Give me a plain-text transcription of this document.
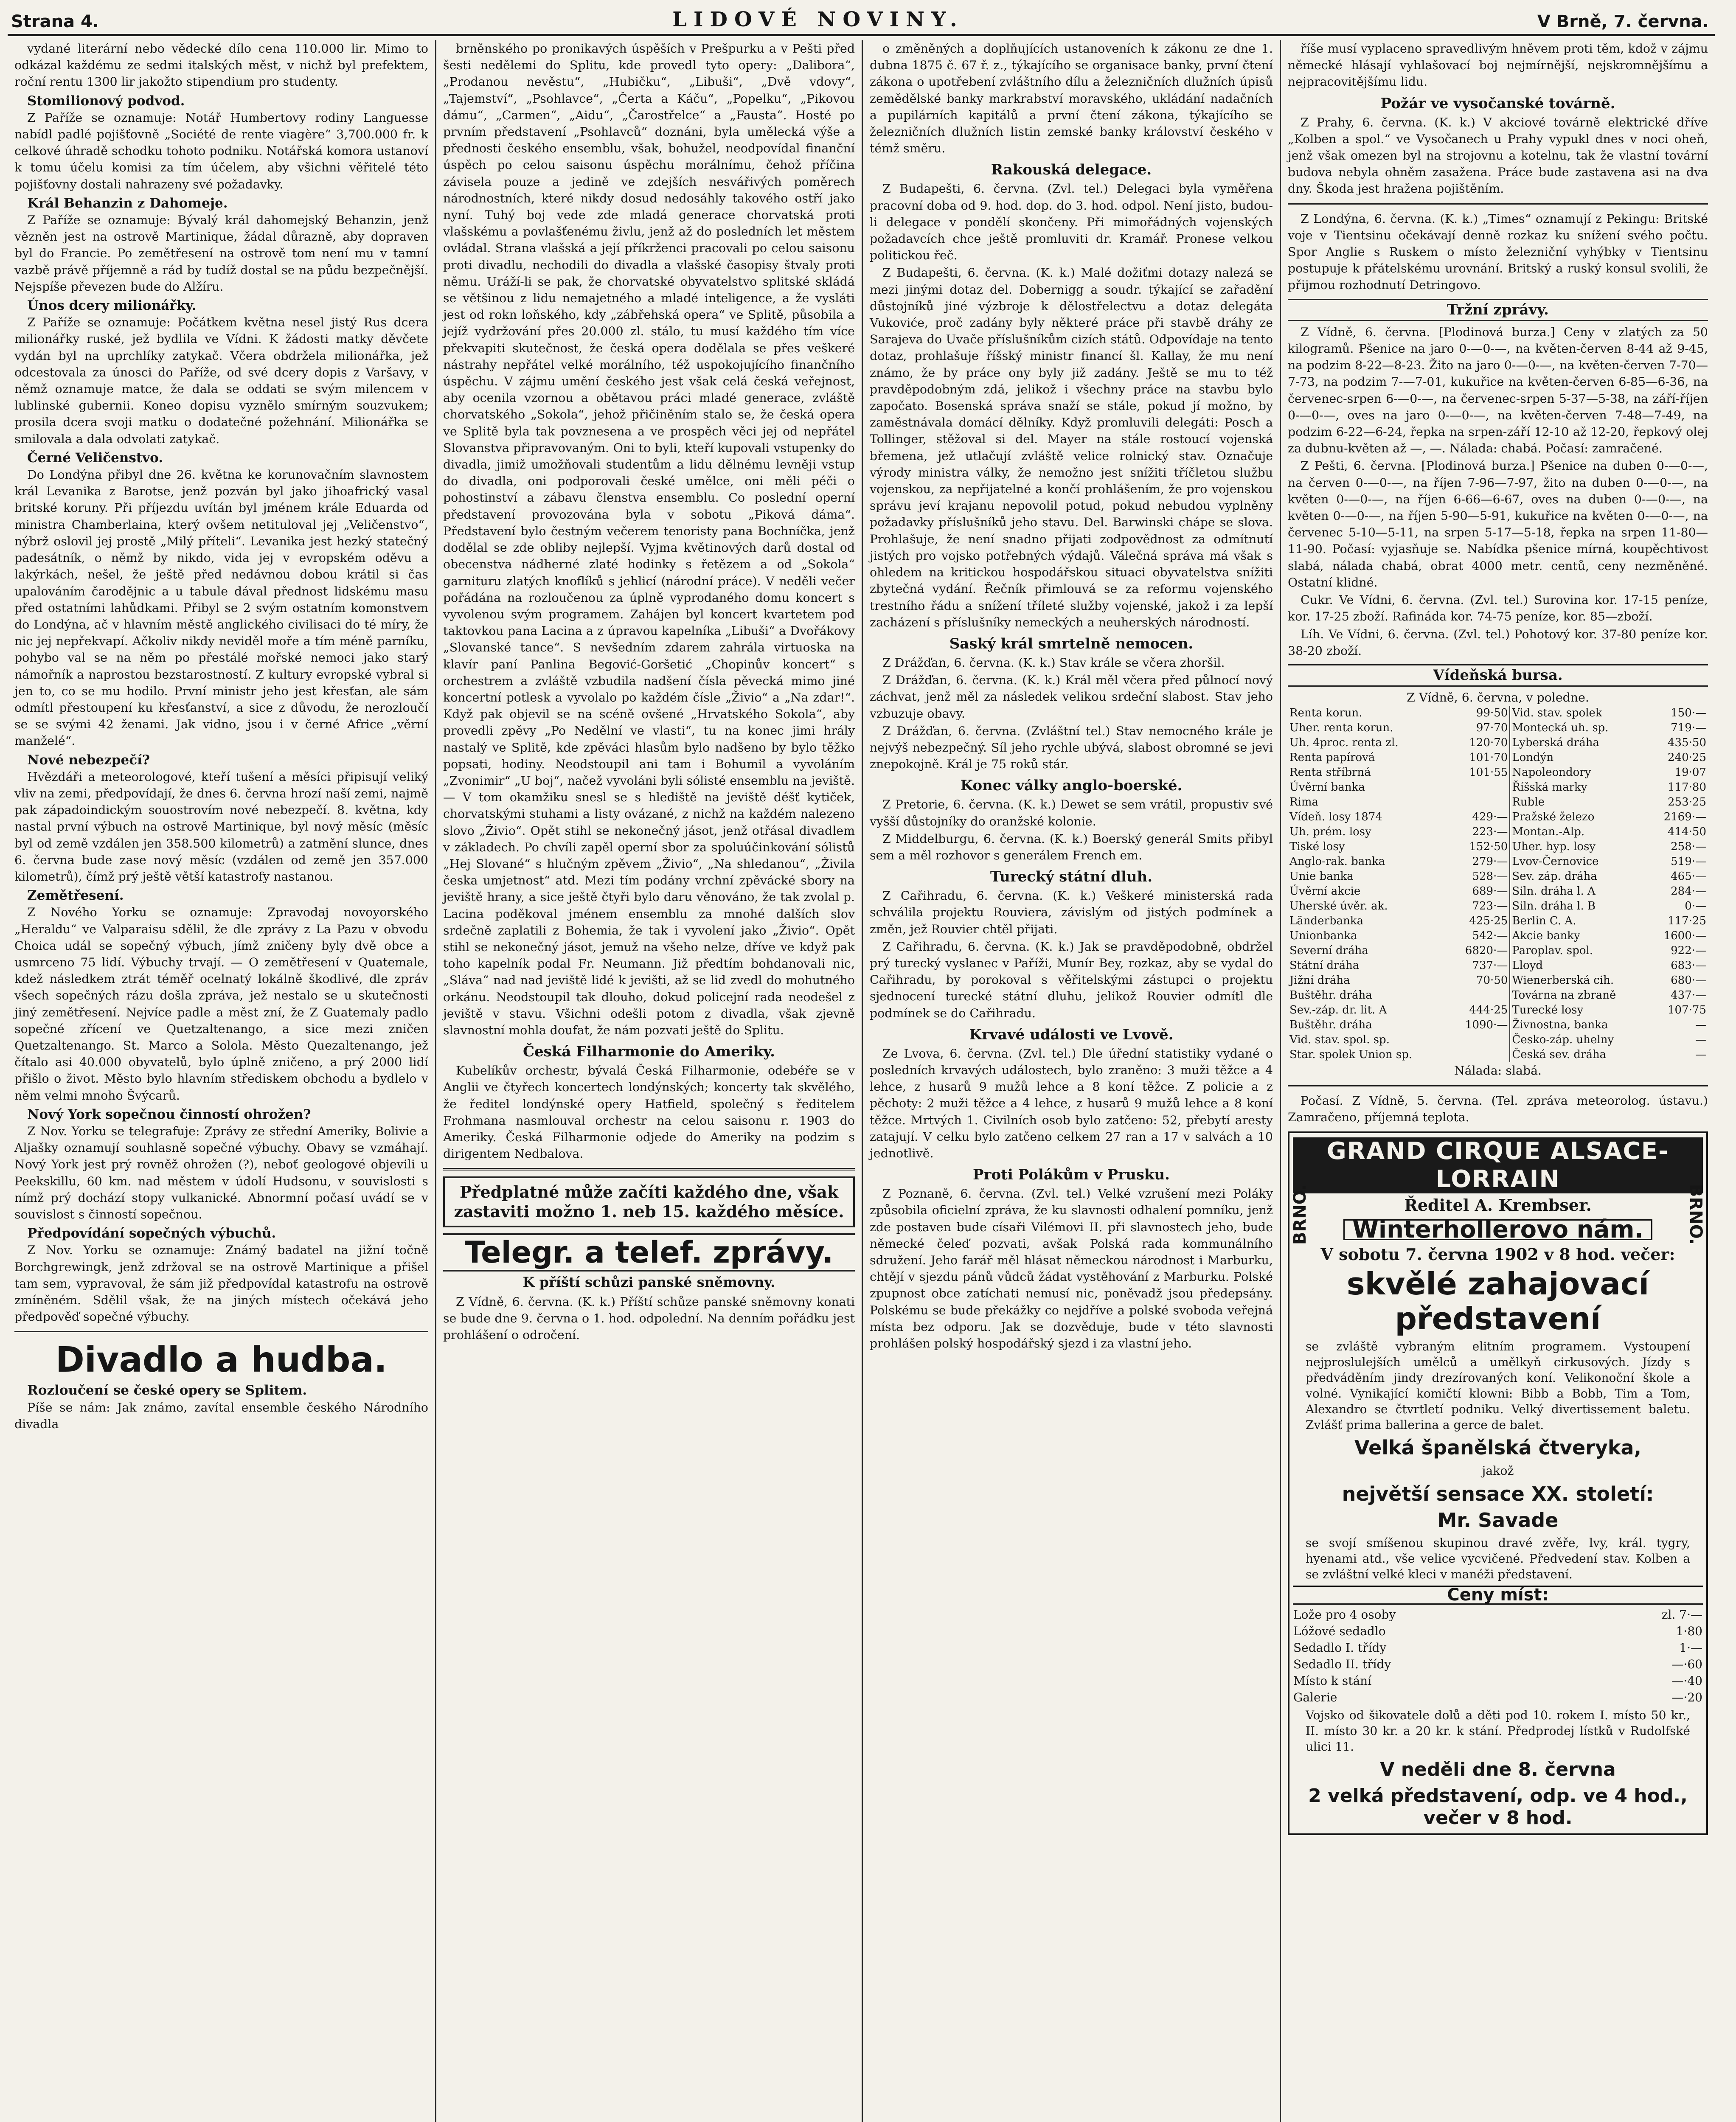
Strana 4.	LIDOVÉ NOVINY.	V Brně, 7. června.

vydané literární nebo vědecké dílo cena 110.000 lir. Mimo to odkázal každému ze sedmi italských měst, v nichž byl prefektem, roční rentu 1300 lir jakožto stipendium pro studenty.

Stomilionový podvod.

Z Paříže se oznamuje: Notář Humbertovy rodiny Languesse nabídl padlé pojišťovně „Société de rente viagère“ 3,700.000 fr. k celkové úhradě schodku tohoto podniku. Notářská komora ustanoví k tomu účelu komisi za tím účelem, aby všichni věřitelé této pojišťovny dostali nahrazeny své požadavky.

Král Behanzin z Dahomeje.

Z Paříže se oznamuje: Bývalý král dahomejský Behanzin, jenž vězněn jest na ostrově Martinique, žádal důrazně, aby dopraven byl do Francie. Po zemětřesení na ostrově tom není mu v tamní vazbě právě příjemně a rád by tudíž dostal se na půdu bezpečnější. Nejspíše převezen bude do Alžíru.

Únos dcery milionářky.

Z Paříže se oznamuje: Počátkem května nesel jistý Rus dcera milionářky ruské, jež bydlila ve Vídni. K žádosti matky děvčete vydán byl na uprchlíky zatykač. Včera obdržela milionářka, jež odcestovala za únosci do Paříže, od své dcery dopis z Varšavy, v němž oznamuje matce, že dala se oddati se svým milencem v lublinské gubernii. Koneo dopisu vyznělo smírným souzvukem; prosila dcera svoji matku o dodatečné požehnání. Milionářka se smilovala a dala odvolati zatykač.

Černé Veličenstvo.

Do Londýna přibyl dne 26. května ke korunovačním slavnostem král Levanika z Barotse, jenž pozván byl jako jihoafrický vasal britské koruny. Při příjezdu uvítán byl jménem krále Eduarda od ministra Chamberlaina, který ovšem netituloval jej „Veličenstvo“, nýbrž oslovil jej prostě „Milý příteli“. Levanika jest hezký statečný padesátník, o němž by nikdo, vida jej v evropském oděvu a lakýrkách, nešel, že ještě před nedávnou dobou krátil si čas upalováním čarodějnic a u tabule dával přednost lidskému masu před ostatními lahůdkami. Přibyl se 2 svým ostatním komonstvem do Londýna, ač v hlavním městě anglického civilisaci do té míry, že nic jej nepřekvapí. Ačkoliv nikdy neviděl moře a tím méně parníku, pohybo val se na něm po přestálé mořské nemoci jako starý námořník a naprostou bezstarostností. Z kultury evropské vybral si jen to, co se mu hodilo. První ministr jeho jest křesťan, ale sám odmítl přestoupení ku křesťanství, a sice z důvodu, že nerozloučí se se svými 42 ženami. Jak vidno, jsou i v černé Africe „věrní manželé“.

Nové nebezpečí?

Hvězdáři a meteorologové, kteří tušení a měsíci připisují veliký vliv na zemi, předpovídají, že dnes 6. června hrozí naší zemi, najmě pak západoindickým souostrovím nové nebezpečí. 8. května, kdy nastal první výbuch na ostrově Martinique, byl nový měsíc (měsíc byl od země vzdálen jen 358.500 kilometrů) a zatmění slunce, dnes 6. června bude zase nový měsíc (vzdálen od země jen 357.000 kilometrů), čímž prý ještě větší katastrofy nastanou.

Zemětřesení.

Z Nového Yorku se oznamuje: Zpravodaj novoyorského „Heraldu“ ve Valparaisu sdělil, že dle zprávy z La Pazu v obvodu Choica udál se sopečný výbuch, jímž zničeny byly dvě obce a usmrceno 75 lidí. Výbuchy trvají. — O zemětřesení v Quatemale, kdež následkem ztrát téměř ocelnatý lokálně škodlivé, dle zpráv všech sopečných rázu došla zpráva, jež nestalo se u skutečnosti jiný zemětřesení. Nejvíce padle a měst zní, že Z Guatemaly padlo sopečné zřícení ve Quetzaltenango, a sice mezi zničen Quetzaltenango. St. Marco a Solola. Město Quezaltenango, jež čítalo asi 40.000 obyvatelů, bylo úplně zničeno, a prý 2000 lidí přišlo o život. Město bylo hlavním střediskem obchodu a bydlelo v něm velmi mnoho Švýcarů.

Nový York sopečnou činností ohrožen?

Z Nov. Yorku se telegrafuje: Zprávy ze střední Ameriky, Bolivie a Aljašky oznamují souhlasně sopečné výbuchy. Obavy se vzmáhají. Nový York jest prý rovněž ohrožen (?), neboť geologové objevili u Peekskillu, 60 km. nad městem v údolí Hudsonu, v souvislosti s nímž prý dochází stopy vulkanické. Abnormní počasí uvádí se v souvislost s činností sopečnou.

Předpovídání sopečných výbuchů.

Z Nov. Yorku se oznamuje: Známý badatel na jižní točně Borchgrewingk, jenž zdržoval se na ostrově Martinique a přišel tam sem, vypravoval, že sám již předpovídal katastrofu na ostrově zmíněném. Sdělil však, že na jiných místech očekává jeho předpověď sopečné výbuchy.

Divadlo a hudba.
Rozloučení se české opery se Splitem.

Píše se nám: Jak známo, zavítal ensemble českého Národního divadla

brněnského po pronikavých úspěších v Prešpurku a v Pešti před šesti nedělemi do Splitu, kde provedl tyto opery: „Dalibora“, „Prodanou nevěstu“, „Hubičku“, „Libuši“, „Dvě vdovy“, „Tajemství“, „Psohlavce“, „Čerta a Káču“, „Popelku“, „Pikovou dámu“, „Carmen“, „Aidu“, „Čarostřelce“ a „Fausta“. Hosté po prvním představení „Psohlavců“ doznáni, byla umělecká výše a přednosti českého ensemblu, však, bohužel, neodpovídal finanční úspěch po celou saisonu úspěchu morálnímu, čehož příčina závisela pouze a jedině ve zdejších nesvářivých poměrech národnostních, které nikdy dosud nedosáhly takového ostří jako nyní. Tuhý boj vede zde mladá generace chorvatská proti vlašskému a povlašťenému živlu, jenž až do posledních let městem ovládal. Strana vlašská a její příkrženci pracovali po celou saisonu proti divadlu, nechodili do divadla a vlašské časopisy štvaly proti němu. Uráží-li se pak, že chorvatské obyvatelstvo splitské skládá se většinou z lidu nemajetného a mladé inteligence, a že vysláti jest od rokn loňského, kdy „zábřehská opera“ ve Splitě, působila a jejíž vydržování přes 20.000 zl. stálo, tu musí každého tím více překvapiti skutečnost, že česká opera dodělala se přes veškeré nástrahy nepřátel velké morálního, též uspokojujícího finančního úspěchu. V zájmu umění českého jest však celá česká veřejnost, aby ocenila vzornou a obětavou práci mladé generace, zvláště chorvatského „Sokola“, jehož přičiněním stalo se, že česká opera ve Splitě byla tak povznesena a ve prospěch věci jej od nepřátel Slovanstva připravovaným. Oni to byli, kteří kupovali vstupenky do divadla, jimiž umožňovali studentům a lidu dělnému levněji vstup do divadla, oni podporovali české umělce, oni měli péči o pohostinství a zábavu členstva ensemblu. Co poslední operní představení provozována byla v sobotu „Piková dáma“. Představení bylo čestným večerem tenoristy pana Bochníčka, jenž dodělal se zde obliby nejlepší. Vyjma květinových darů dostal od obecenstva nádherné zlaté hodinky s řetězem a od „Sokola“ garnituru zlatých knoflíků s jehlicí (národní práce). V neděli večer pořádána na rozloučenou za úplně vyprodaného domu koncert s vyvolenou svým programem. Zahájen byl koncert kvartetem pod taktovkou pana Lacina a z úpravou kapelníka „Libuši“ a Dvořákovy „Slovanské tance“. S nevšedním zdarem zahrála virtuoska na klavír paní Panlina Begović-Goršetić „Chopinův koncert“ s orchestrem a zvláště vzbudila nadšení čísla pěvecká mimo jiné koncertní potlesk a vyvolalo po každém čísle „Živio“ a „Na zdar!“. Když pak objevil se na scéně ovšené „Hrvatského Sokola“, aby provedli zpěvy „Po Nedělní ve vlasti“, tu na konec jimi hrály nastalý ve Splitě, kde zpěváci hlasům bylo nadšeno by bylo těžko popsati, hodiny. Neodstoupil ani tam i Bohumil a vyvoláním „Zvonimir“ „U boj“, načež vyvoláni byli sólisté ensemblu na jeviště. — V tom okamžiku snesl se s hlediště na jeviště déšť kytiček, chorvatskými stuhami a listy ovázané, z nichž na každém nalezeno slovo „Živio“. Opět stihl se nekonečný jásot, jenž otřásal divadlem v základech. Po chvíli zapěl operní sbor za spoluúčinkování sólistů „Hej Slované“ s hlučným zpěvem „Živio“, „Na shledanou“, „Živila česka umjetnost“ atd. Mezi tím podány vrchní zpěvácké sbory na jeviště hrany, a sice ještě čtyři bylo daru věnováno, že tak zvolal p. Lacina poděkoval jménem ensemblu za mnohé dalších slov srdečně zaplatili z Bohemia, že tak i vyvolení jako „Živio“. Opět stihl se nekonečný jásot, jemuž na všeho nelze, dříve ve když pak toho kapelník podal Fr. Neumann. Již předtím bohdanovali nic, „Sláva“ nad nad jeviště lidé k jevišti, až se lid zvedl do mohutného orkánu. Neodstoupil tak dlouho, dokud policejní rada neodešel z jeviště v stavu. Všichni odešli potom z divadla, však zjevně slavnostní mohla doufat, že nám pozvati ještě do Splitu.

Česká Filharmonie do Ameriky.

Kubelíkův orchestr, bývalá Česká Filharmonie, odebéře se v Anglii ve čtyřech koncertech londýnských; koncerty tak skvělého, že ředitel londýnské opery Hatfield, společný s ředitelem Frohmana nasmlouval orchestr na celou saisonu r. 1903 do Ameriky. Česká Filharmonie odjede do Ameriky na podzim s dirigentem Nedbalova.

Předplatné může začíti každého dne, však zastaviti možno 1. neb 15. každého měsíce.
Telegr. a telef. zprávy.
K příští schůzi panské sněmovny.

Z Vídně, 6. června. (K. k.) Příští schůze panské sněmovny konati se bude dne 9. června o 1. hod. odpolední. Na denním pořádku jest prohlášení o odročení.

o změněných a doplňujících ustanoveních k zákonu ze dne 1. dubna 1875 č. 67 ř. z., týkajícího se organisace banky, první čtení zákona o upotřebení zvláštního dílu a železničních dlužních úpisů zemědělské banky markrabství moravského, ukládání nadačních a pupilárních kapitálů a první čtení zákona, týkajícího se železničních dlužních listin zemské banky království českého v témž směru.

Rakouská delegace.

Z Budapešti, 6. června. (Zvl. tel.) Delegaci byla vyměřena pracovní doba od 9. hod. dop. do 3. hod. odpol. Není jisto, budou-li delegace v pondělí skončeny. Při mimořádných vojenských požadavcích chce ještě promluviti dr. Kramář. Pronese velkou politickou řeč.

Z Budapešti, 6. června. (K. k.) Malé dožiťmi dotazy nalezá se mezi jinými dotaz del. Dobernigg a soudr. týkající se zařadění důstojníků jiné výzbroje k dělostřelectvu a dotaz delegáta Vukoviće, proč zadány byly některé práce při stavbě dráhy ze Sarajeva do Uvače příslušníkům cizích států. Odpovídaje na tento dotaz, prohlašuje říšský ministr financí šl. Kallay, že mu není známo, že by práce ony byly již zadány. Ještě se mu to též pravděpodobným zdá, jelikož i všechny práce na stavbu bylo započato. Bosenská správa snaží se stále, pokud jí možno, by zaměstnávala domácí dělníky. Když promluvili delegáti: Posch a Tollinger, stěžoval si del. Mayer na stále rostoucí vojenská břemena, jež utlačují zvláště velice rolnický stav. Označuje výrody ministra války, že nemožno jest snížiti tříčletou službu vojenskou, za nepřijatelné a končí prohlášením, že pro vojenskou správu jeví krajanu nepovolil potud, pokud nebudou vyplněny požadavky příslušníků jeho stavu. Del. Barwinski chápe se slova. Prohlašuje, že není snadno přijati zodpovědnost za odmítnutí jistých pro vojsko potřebných výdajů. Válečná správa má však s ohledem na kritickou hospodářskou situaci obyvatelstva snížiti zbytečná vydání. Řečník přimlouvá se za reformu vojenského trestního řádu a snížení tříleté služby vojenské, jakož i za lepší zacházení s příslušníky nemeckých a neuherských národností.

Saský král smrtelně nemocen.

Z Drážďan, 6. června. (K. k.) Stav krále se včera zhoršil.

Z Drážďan, 6. června. (K. k.) Král měl včera před půlnocí nový záchvat, jenž měl za následek velikou srdeční slabost. Stav jeho vzbuzuje obavy.

Z Drážďan, 6. června. (Zvláštní tel.) Stav nemocného krále je nejvýš nebezpečný. Síl jeho rychle ubývá, slabost obromné se jevi znepokojně. Král je 75 roků stár.

Konec války anglo-boerské.

Z Pretorie, 6. června. (K. k.) Dewet se sem vrátil, propustiv své vyšší důstojníky do oranžské kolonie.

Z Middelburgu, 6. června. (K. k.) Boerský generál Smits přibyl sem a měl rozhovor s generálem French em.

Turecký státní dluh.

Z Cařihradu, 6. června. (K. k.) Veškeré ministerská rada schválila projektu Rouviera, závislým od jistých podmínek a změn, jež Rouvier chtěl přijati.

Z Cařihradu, 6. června. (K. k.) Jak se pravděpodobně, obdržel prý turecký vyslanec v Paříži, Munír Bey, rozkaz, aby se vydal do Cařihradu, by porokoval s věřitelskými zástupci o projektu sjednocení turecké státní dluhu, jelikož Rouvier odmítl dle podmínek se do Cařihradu.

Krvavé události ve Lvově.

Ze Lvova, 6. června. (Zvl. tel.) Dle úřední statistiky vydané o posledních krvavých událostech, bylo zraněno: 3 muži těžce a 4 lehce, z husarů 9 mužů lehce a 8 koní těžce. Z policie a z pěchoty: 2 muži těžce a 4 lehce, z husarů 9 mužů lehce a 8 koní těžce. Mrtvých 1. Civilních osob bylo zatčeno: 52, přebytí aresty zatajují. V celku bylo zatčeno celkem 27 ran a 17 v salvách a 10 jednotlivě.

Proti Polákům v Prusku.

Z Poznaně, 6. června. (Zvl. tel.) Velké vzrušení mezi Poláky způsobila oficielní zpráva, že ku slavnosti odhalení pomníku, jenž zde postaven bude císaři Vilémovi II. při slavnostech jeho, bude německé čeleď pozvati, avšak Polská rada kommunálního sdružení. Jeho farář měl hlásat německou národnost i Marburku, chtějí v sjezdu pánů vůdců žádat vystěhování z Marburku. Polské zpupnost obce zatíchati nemusí nic, poněvadž jsou předepsány. Polskému se bude překážky co nejdříve a polské svoboda veřejná místa bez odporu. Jak se dozvěduje, bude v této slavnosti prohlášen polský hospodářský sjezd i za vlastní jeho.

říše musí vyplaceno spravedlivým hněvem proti těm, kdož v zájmu německé hlásají vyhlašovací boj nejmírnější, nejskromnějšímu a nejpracovitějšímu lidu.

Požár ve vysočanské továrně.

Z Prahy, 6. června. (K. k.) V akciové továrně elektrické dříve „Kolben a spol.“ ve Vysočanech u Prahy vypukl dnes v noci oheň, jenž však omezen byl na strojovnu a kotelnu, tak že vlastní tovární budova nebyla ohněm zasažena. Práce bude zastavena asi na dva dny. Škoda jest hražena pojištěním.

Z Londýna, 6. června. (K. k.) „Times“ oznamují z Pekingu: Britské voje v Tientsinu očekávají denně rozkaz ku snížení svého počtu. Spor Anglie s Ruskem o místo železniční vyhýbky v Tientsinu postupuje k přátelskému urovnání. Britský a ruský konsul svolili, že přijmou rozhodnutí Detringovo.

Tržní zprávy.

Z Vídně, 6. června. [Plodinová burza.] Ceny v zlatých za 50 kilogramů. Pšenice na jaro 0-—0-—, na květen-červen 8-44 až 9-45, na podzim 8-22—8-23. Žito na jaro 0-—0-—, na květen-červen 7-70—7-73, na podzim 7-—7-01, kukuřice na květen-červen 6-85—6-36, na červenec-srpen 6-—0-—, na červenec-srpen 5-37—5-38, na září-říjen 0-—0-—, oves na jaro 0-—0-—, na květen-červen 7-48—7-49, na podzim 6-22—6-24, řepka na srpen-září 12-10 až 12-20, řepkový olej za dubnu-květen až —, —. Nálada: chabá. Počasí: zamračené.

Z Pešti, 6. června. [Plodinová burza.] Pšenice na duben 0-—0-—, na červen 0-—0-—, na říjen 7-96—7-97, žito na duben 0-—0-—, na květen 0-—0-—, na říjen 6-66—6-67, oves na duben 0-—0-—, na květen 0-—0-—, na říjen 5-90—5-91, kukuřice na květen 0-—0-—, na červenec 5-10—5-11, na srpen 5-17—5-18, řepka na srpen 11-80—11-90. Počasí: vyjasňuje se. Nabídka pšenice mírná, koupěchtivost slabá, nálada chabá, obrat 4000 metr. centů, ceny nezměněné. Ostatní klidné.

Cukr. Ve Vídni, 6. června. (Zvl. tel.) Surovina kor. 17-15 peníze, kor. 17-25 zboží. Rafináda kor. 74-75 peníze, kor. 85—zboží.

Líh. Ve Vídni, 6. června. (Zvl. tel.) Pohotový kor. 37-80 peníze kor. 38-20 zboží.

Vídeňská bursa.
Z Vídně, 6. června, v poledne.
Renta korun.	99·50	Vid. stav. spolek	150·—
Uher. renta korun.	97·70	Montecká uh. sp.	719·—
Uh. 4proc. renta zl.	120·70	Lyberská dráha	435·50
Renta papírová	101·70	Londýn	240·25
Renta stříbrná	101·55	Napoleondory	19·07
Úvěrní banka		Říšská marky	117·80
Rima		Ruble	253·25
Vídeň. losy 1874	429·—	Pražské železo	2169·—
Uh. prém. losy	223·—	Montan.-Alp.	414·50
Tiské losy	152·50	Uher. hyp. losy	258·—
Anglo-rak. banka	279·—	Lvov-Černovice	519·—
Unie banka	528·—	Sev. záp. dráha	465·—
Úvěrní akcie	689·—	Siln. dráha l. A	284·—
Uherské úvěr. ak.	723·—	Siln. dráha l. B	0·—
Länderbanka	425·25	Berlin C. A.	117·25
Unionbanka	542·—	Akcie banky	1600·—
Severní dráha	6820·—	Paroplav. spol.	922·—
Státní dráha	737·—	Lloyd	683·—
Jižní dráha	70·50	Wienerberská cih.	680·—
Buštěhr. dráha		Továrna na zbraně	437·—
Sev.-záp. dr. lit. A	444·25	Turecké losy	107·75
Buštěhr. dráha	1090·—	Živnostna, banka	—
Vid. stav. spol. sp.		Česko-záp. uhelny	—
Star. spolek Union sp.		Česká sev. dráha	—
Nálada: slabá.

Počasí. Z Vídně, 5. června. (Tel. zpráva meteorolog. ústavu.) Zamračeno, příjemná teplota.

GRAND CIRQUE ALSACE-LORRAIN
BRNO.	BRNO.
Ředitel A. Krembser.
Winterhollerovo nám.
V sobotu 7. června 1902 v 8 hod. večer:
skvělé zahajovací představení
se zvláště vybraným elitním programem. Vystoupení nejproslulejších umělců a umělkyň cirkusových. Jízdy s předváděním jindy drezírovaných koní. Velikonoční škole a volné. Vynikající komičtí klowni: Bibb a Bobb, Tim a Tom, Alexandro se čtvrtletí podniku. Velký divertissement baletu. Zvlášť prima ballerina a gerce de balet.
Velká španělská čtveryka,
jakož
největší sensace XX. století:
Mr. Savade
se svojí smíšenou skupinou dravé zvěře, lvy, král. tygry, hyenami atd., vše velice vycvičené. Předvedení stav. Kolben a se zvláštní velké kleci v manéži představení.
Ceny míst:
Lože pro 4 osoby	zl. 7·—
Lóžové sedadlo	1·80
Sedadlo I. třídy	1·—
Sedadlo II. třídy	—·60
Místo k stání	—·40
Galerie	—·20
Vojsko od šikovatele dolů a děti pod 10. rokem I. místo 50 kr., II. místo 30 kr. a 20 kr. k stání. Předprodej lístků v Rudolfské ulici 11.
V neděli dne 8. června
2 velká představení, odp. ve 4 hod., večer v 8 hod.
